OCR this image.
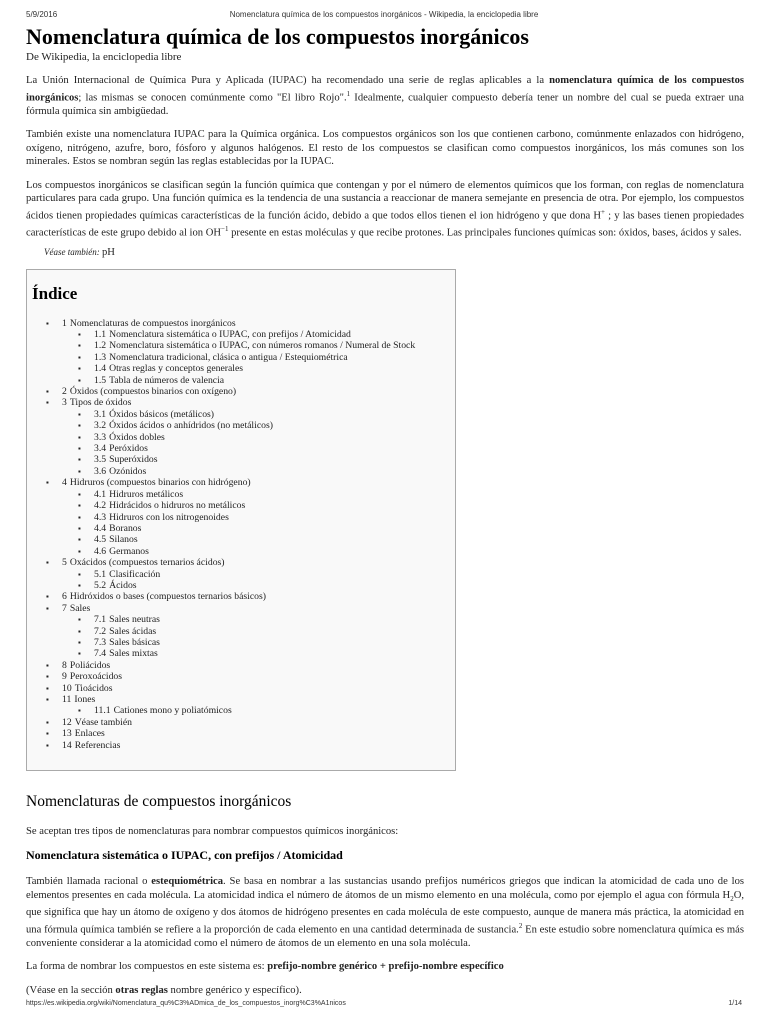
5/9/2016	Nomenclatura química de los compuestos inorgánicos - Wikipedia, la enciclopedia libre
Nomenclatura química de los compuestos inorgánicos
De Wikipedia, la enciclopedia libre

La Unión Internacional de Química Pura y Aplicada (IUPAC) ha recomendado una serie de reglas aplicables a la nomenclatura química de los compuestos inorgánicos; las mismas se conocen comúnmente como "El libro Rojo".$^1$ Idealmente, cualquier compuesto debería tener un nombre del cual se pueda extraer una fórmula química sin ambigüedad.

También existe una nomenclatura IUPAC para la Química orgánica. Los compuestos orgánicos son los que contienen carbono, comúnmente enlazados con hidrógeno, oxígeno, nitrógeno, azufre, boro, fósforo y algunos halógenos. El resto de los compuestos se clasifican como compuestos inorgánicos, los más comunes son los minerales. Estos se nombran según las reglas establecidas por la IUPAC.

Los compuestos inorgánicos se clasifican según la función química que contengan y por el número de elementos químicos que los forman, con reglas de nomenclatura particulares para cada grupo. Una función química es la tendencia de una sustancia a reaccionar de manera semejante en presencia de otra. Por ejemplo, los compuestos ácidos tienen propiedades químicas características de la función ácido, debido a que todos ellos tienen el ion hidrógeno y que dona H+ ; y las bases tienen propiedades características de este grupo debido al ion $OH^{-1}$ presente en estas moléculas y que recibe protones. Las principales funciones químicas son: óxidos, bases, ácidos y sales.

Véase también: pH
Índice
▪ 1 Nomenclaturas de compuestos inorgánicos
▪ 1.1 Nomenclatura sistemática o IUPAC, con prefijos / Atomicidad
▪ 1.2 Nomenclatura sistemática o IUPAC, con números romanos / Numeral de Stock
▪ 1.3 Nomenclatura tradicional, clásica o antigua / Estequiométrica
▪ 1.4 Otras reglas y conceptos generales
▪ 1.5 Tabla de números de valencia
▪ 2 Óxidos (compuestos binarios con oxígeno)
▪ 3 Tipos de óxidos
▪ 3.1 Óxidos básicos (metálicos)
▪ 3.2 Óxidos ácidos o anhídridos (no metálicos)
▪ 3.3 Óxidos dobles
▪ 3.4 Peróxidos
▪ 3.5 Superóxidos
▪ 3.6 Ozónidos
▪ 4 Hidruros (compuestos binarios con hidrógeno)
▪ 4.1 Hidruros metálicos
▪ 4.2 Hidrácidos o hidruros no metálicos
▪ 4.3 Hidruros con los nitrogenoides
▪ 4.4 Boranos
▪ 4.5 Silanos
▪ 4.6 Germanos
▪ 5 Oxácidos (compuestos ternarios ácidos)
▪ 5.1 Clasificación
▪ 5.2 Ácidos
▪ 6 Hidróxidos o bases (compuestos ternarios básicos)
▪ 7 Sales
▪ 7.1 Sales neutras
▪ 7.2 Sales ácidas
▪ 7.3 Sales básicas
▪ 7.4 Sales mixtas
▪ 8 Poliácidos
▪ 9 Peroxoácidos
▪ 10 Tioácidos
▪ 11 Iones
▪ 11.1 Cationes mono y poliatómicos
▪ 12 Véase también
▪ 13 Enlaces
▪ 14 Referencias
Nomenclaturas de compuestos inorgánicos

Se aceptan tres tipos de nomenclaturas para nombrar compuestos químicos inorgánicos:

Nomenclatura sistemática o IUPAC, con prefijos / Atomicidad

También llamada racional o estequiométrica. Se basa en nombrar a las sustancias usando prefijos numéricos griegos que indican la atomicidad de cada uno de los elementos presentes en cada molécula. La atomicidad indica el número de átomos de un mismo elemento en una molécula, como por ejemplo el agua con fórmula $H_2O$, que significa que hay un átomo de oxígeno y dos átomos de hidrógeno presentes en cada molécula de este compuesto, aunque de manera más práctica, la atomicidad en una fórmula química también se refiere a la proporción de cada elemento en una cantidad determinada de sustancia.$^2$ En este estudio sobre nomenclatura química es más conveniente considerar a la atomicidad como el número de átomos de un elemento en una sola molécula.

La forma de nombrar los compuestos en este sistema es: prefijo-nombre genérico + prefijo-nombre específico

(Véase en la sección otras reglas nombre genérico y específico).

https://es.wikipedia.org/wiki/Nomenclatura_qu%C3%ADmica_de_los_compuestos_inorg%C3%A1nicos	1/14
